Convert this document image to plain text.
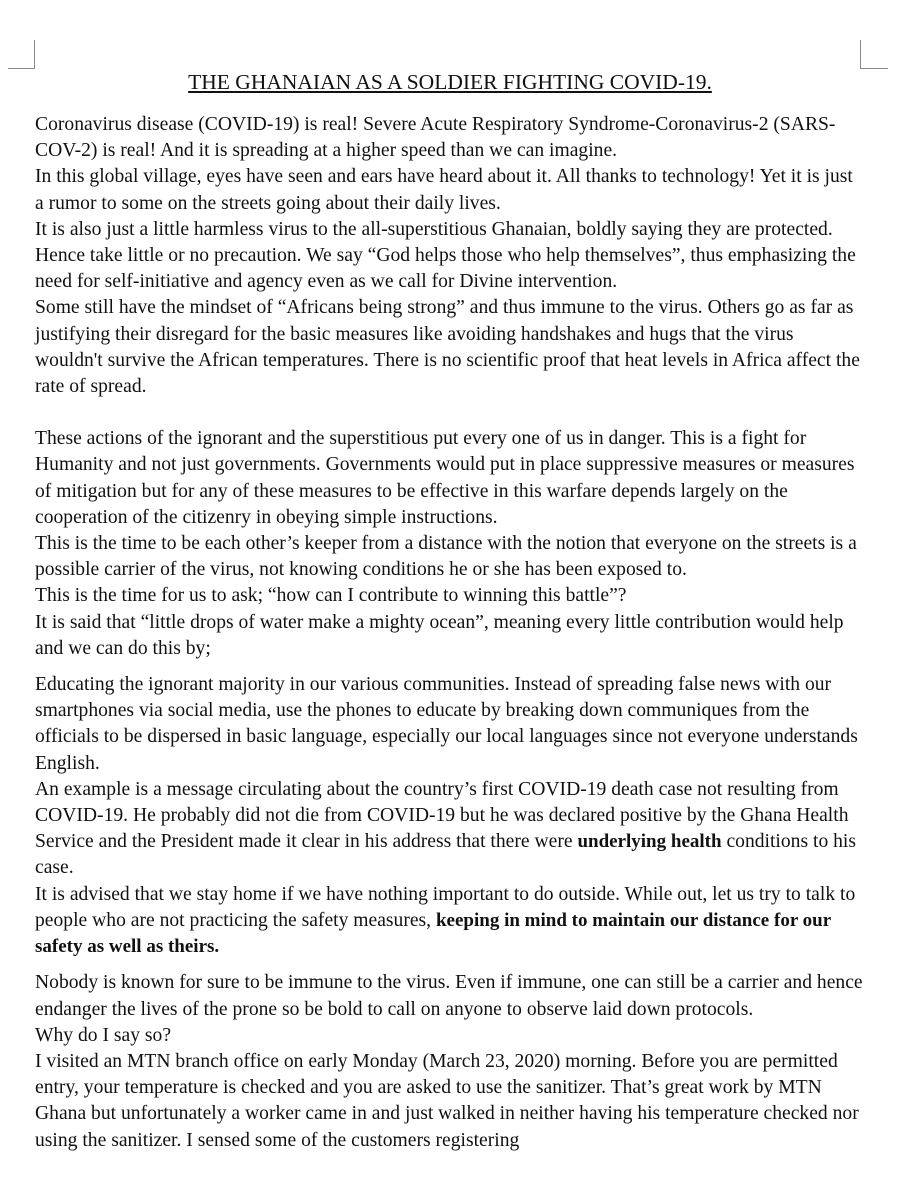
THE GHANAIAN AS A SOLDIER FIGHTING COVID-19.

Coronavirus disease (COVID-19) is real! Severe Acute Respiratory Syndrome-Coronavirus-2 (SARS-COV-2) is real! And it is spreading at a higher speed than we can imagine.

In this global village, eyes have seen and ears have heard about it. All thanks to technology! Yet it is just a rumor to some on the streets going about their daily lives.

It is also just a little harmless virus to the all-superstitious Ghanaian, boldly saying they are protected. Hence take little or no precaution. We say “God helps those who help themselves”, thus emphasizing the need for self-initiative and agency even as we call for Divine intervention.

Some still have the mindset of “Africans being strong” and thus immune to the virus. Others go as far as justifying their disregard for the basic measures like avoiding handshakes and hugs that the virus wouldn't survive the African temperatures. There is no scientific proof that heat levels in Africa affect the rate of spread.

These actions of the ignorant and the superstitious put every one of us in danger. This is a fight for Humanity and not just governments. Governments would put in place suppressive measures or measures of mitigation but for any of these measures to be effective in this warfare depends largely on the cooperation of the citizenry in obeying simple instructions.

This is the time to be each other’s keeper from a distance with the notion that everyone on the streets is a possible carrier of the virus, not knowing conditions he or she has been exposed to.

This is the time for us to ask; “how can I contribute to winning this battle”?

It is said that “little drops of water make a mighty ocean”, meaning every little contribution would help and we can do this by;

Educating the ignorant majority in our various communities. Instead of spreading false news with our smartphones via social media, use the phones to educate by breaking down communiques from the officials to be dispersed in basic language, especially our local languages since not everyone understands English.

An example is a message circulating about the country’s first COVID-19 death case not resulting from COVID-19. He probably did not die from COVID-19 but he was declared positive by the Ghana Health Service and the President made it clear in his address that there were underlying health conditions to his case.

It is advised that we stay home if we have nothing important to do outside. While out, let us try to talk to people who are not practicing the safety measures, keeping in mind to maintain our distance for our safety as well as theirs.

Nobody is known for sure to be immune to the virus. Even if immune, one can still be a carrier and hence endanger the lives of the prone so be bold to call on anyone to observe laid down protocols.

Why do I say so?

I visited an MTN branch office on early Monday (March 23, 2020) morning. Before you are permitted entry, your temperature is checked and you are asked to use the sanitizer. That’s great work by MTN Ghana but unfortunately a worker came in and just walked in neither having his temperature checked nor using the sanitizer. I sensed some of the customers registering
